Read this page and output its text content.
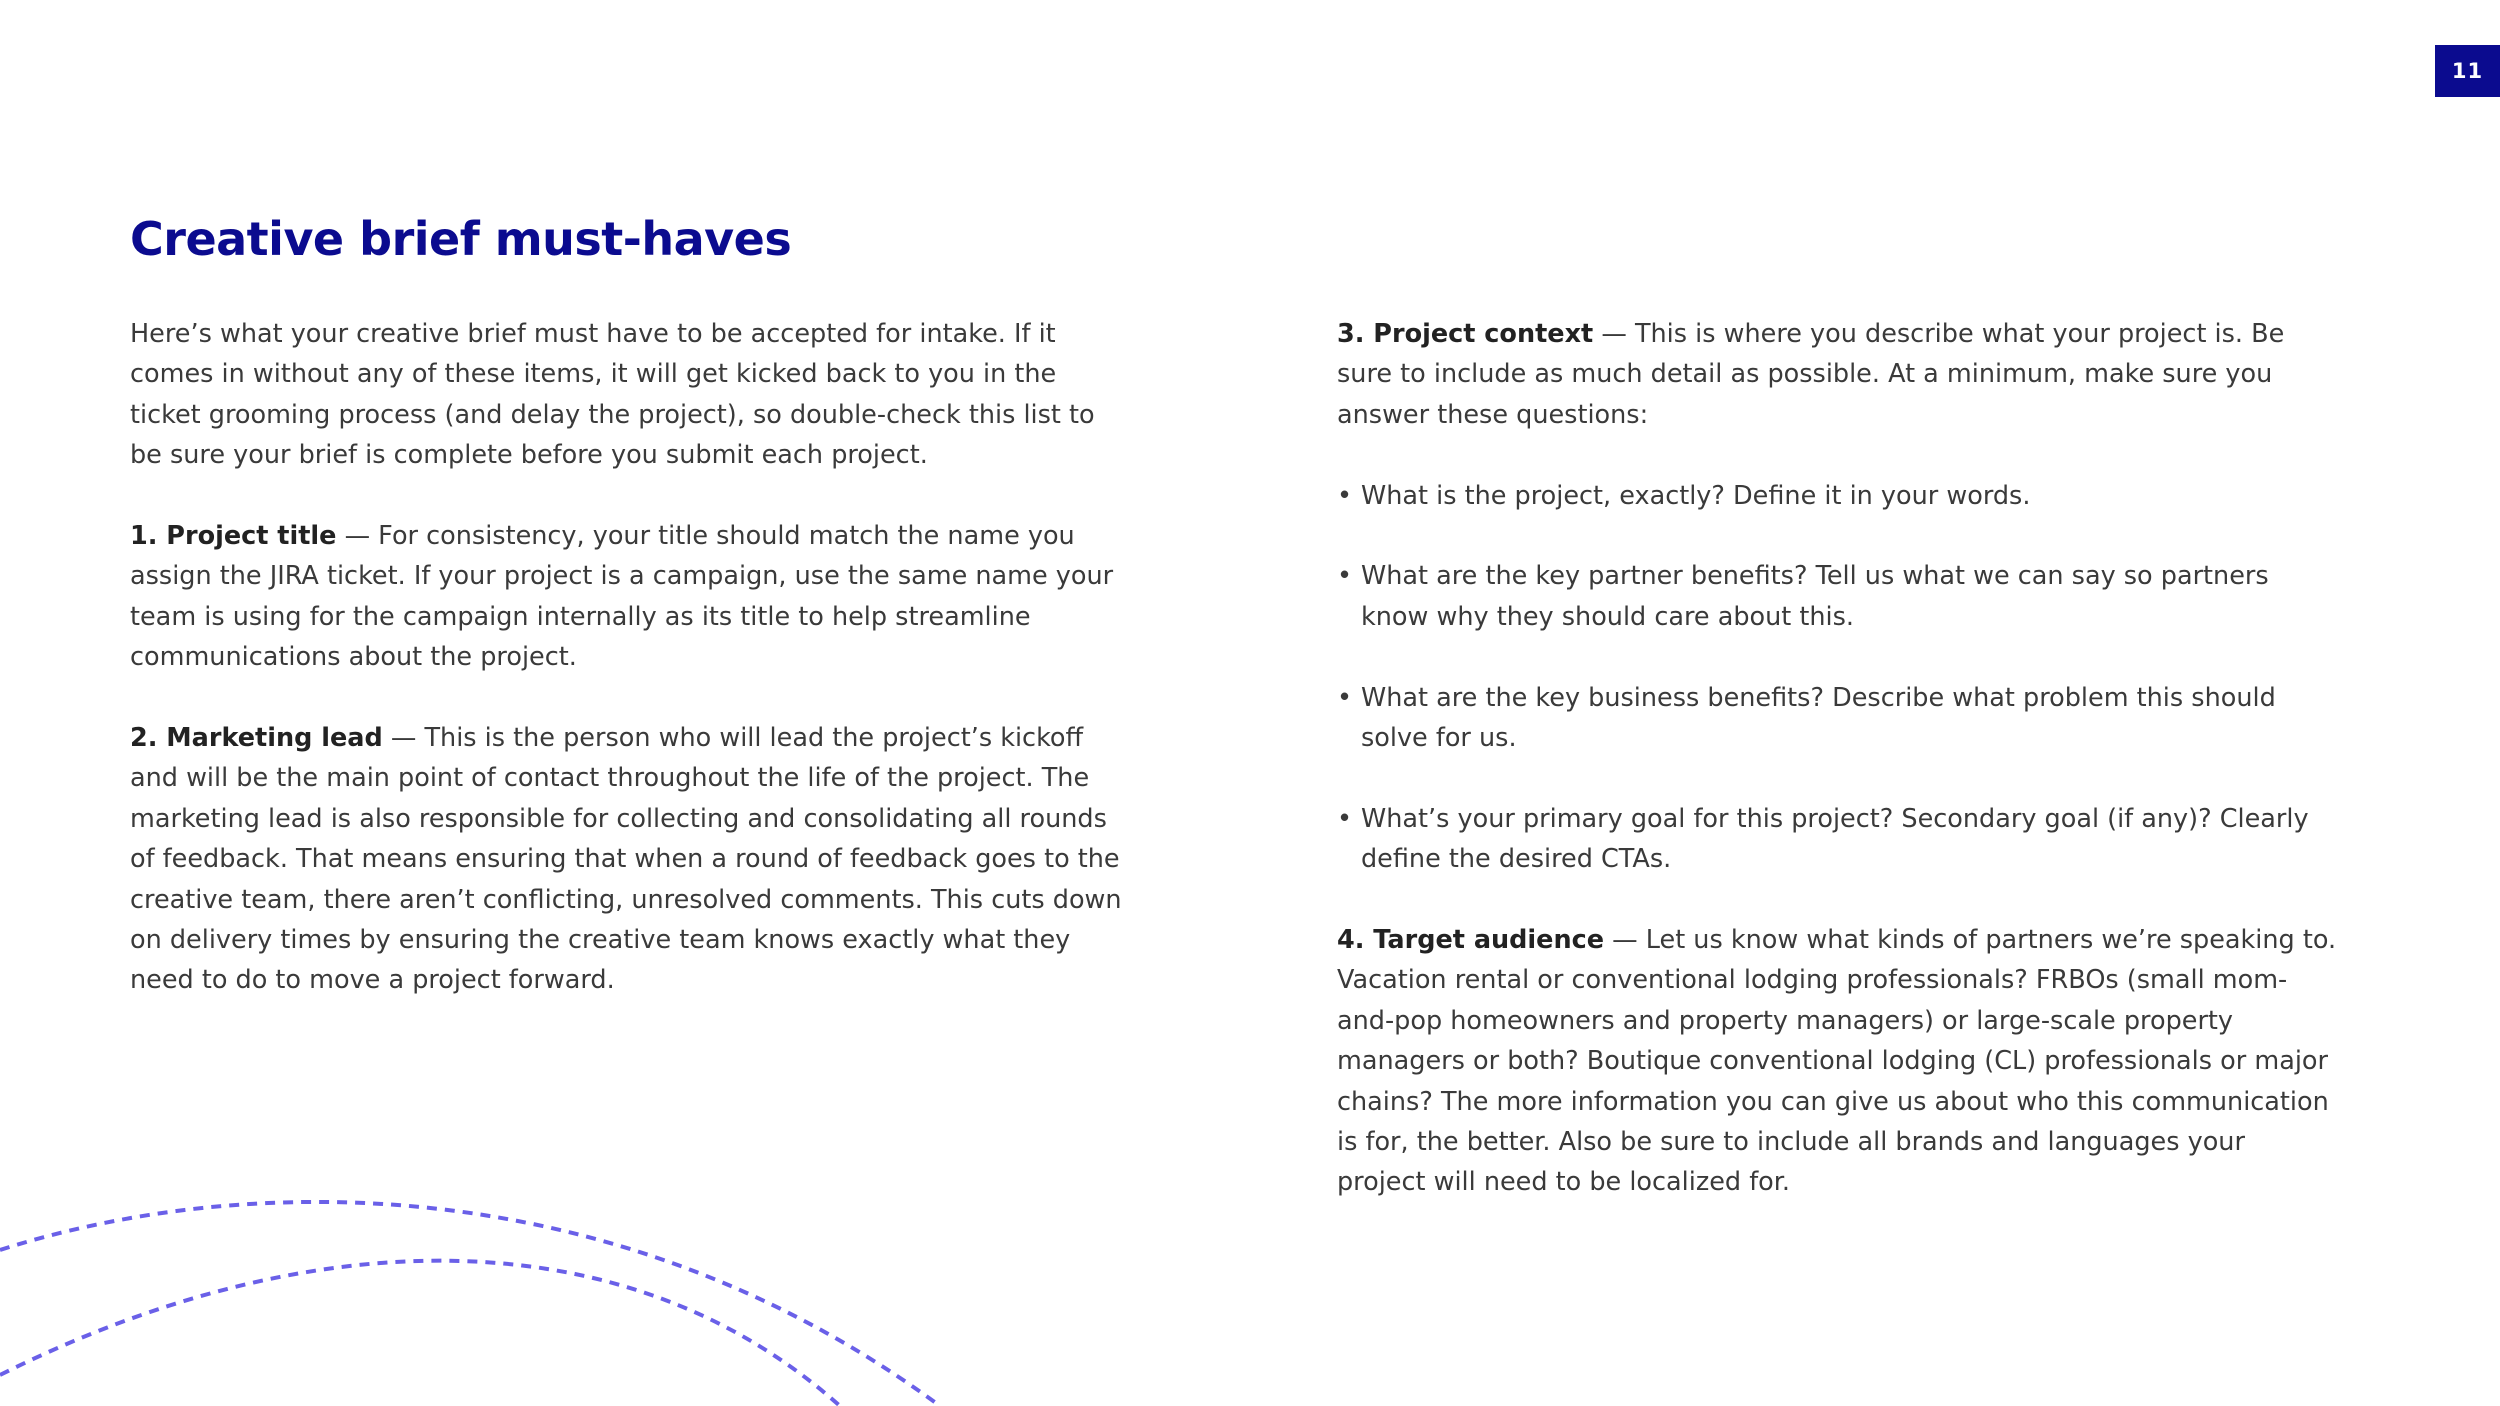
11
Creative brief must-haves

Here’s what your creative brief must have to be accepted for intake. If it comes in without any of these items, it will get kicked back to you in the ticket grooming process (and delay the project), so double-check this list to be sure your brief is complete before you submit each project.

1. Project title — For consistency, your title should match the name you assign the JIRA ticket. If your project is a campaign, use the same name your team is using for the campaign internally as its title to help streamline communications about the project.

2. Marketing lead — This is the person who will lead the project’s kickoff and will be the main point of contact throughout the life of the project. The marketing lead is also responsible for collecting and consolidating all rounds of feedback. That means ensuring that when a round of feedback goes to the creative team, there aren’t conflicting, unresolved comments. This cuts down on delivery times by ensuring the creative team knows exactly what they need to do to move a project forward.

3. Project context — This is where you describe what your project is. Be sure to include as much detail as possible. At a minimum, make sure you answer these questions:

• What is the project, exactly? Define it in your words.
• What are the key partner benefits? Tell us what we can say so partners know why they should care about this.
• What are the key business benefits? Describe what problem this should solve for us.
• What’s your primary goal for this project? Secondary goal (if any)? Clearly define the desired CTAs.

4. Target audience — Let us know what kinds of partners we’re speaking to. Vacation rental or conventional lodging professionals? FRBOs (small mom-and-pop homeowners and property managers) or large-scale property managers or both? Boutique conventional lodging (CL) professionals or major chains? The more information you can give us about who this communication is for, the better. Also be sure to include all brands and languages your project will need to be localized for.
